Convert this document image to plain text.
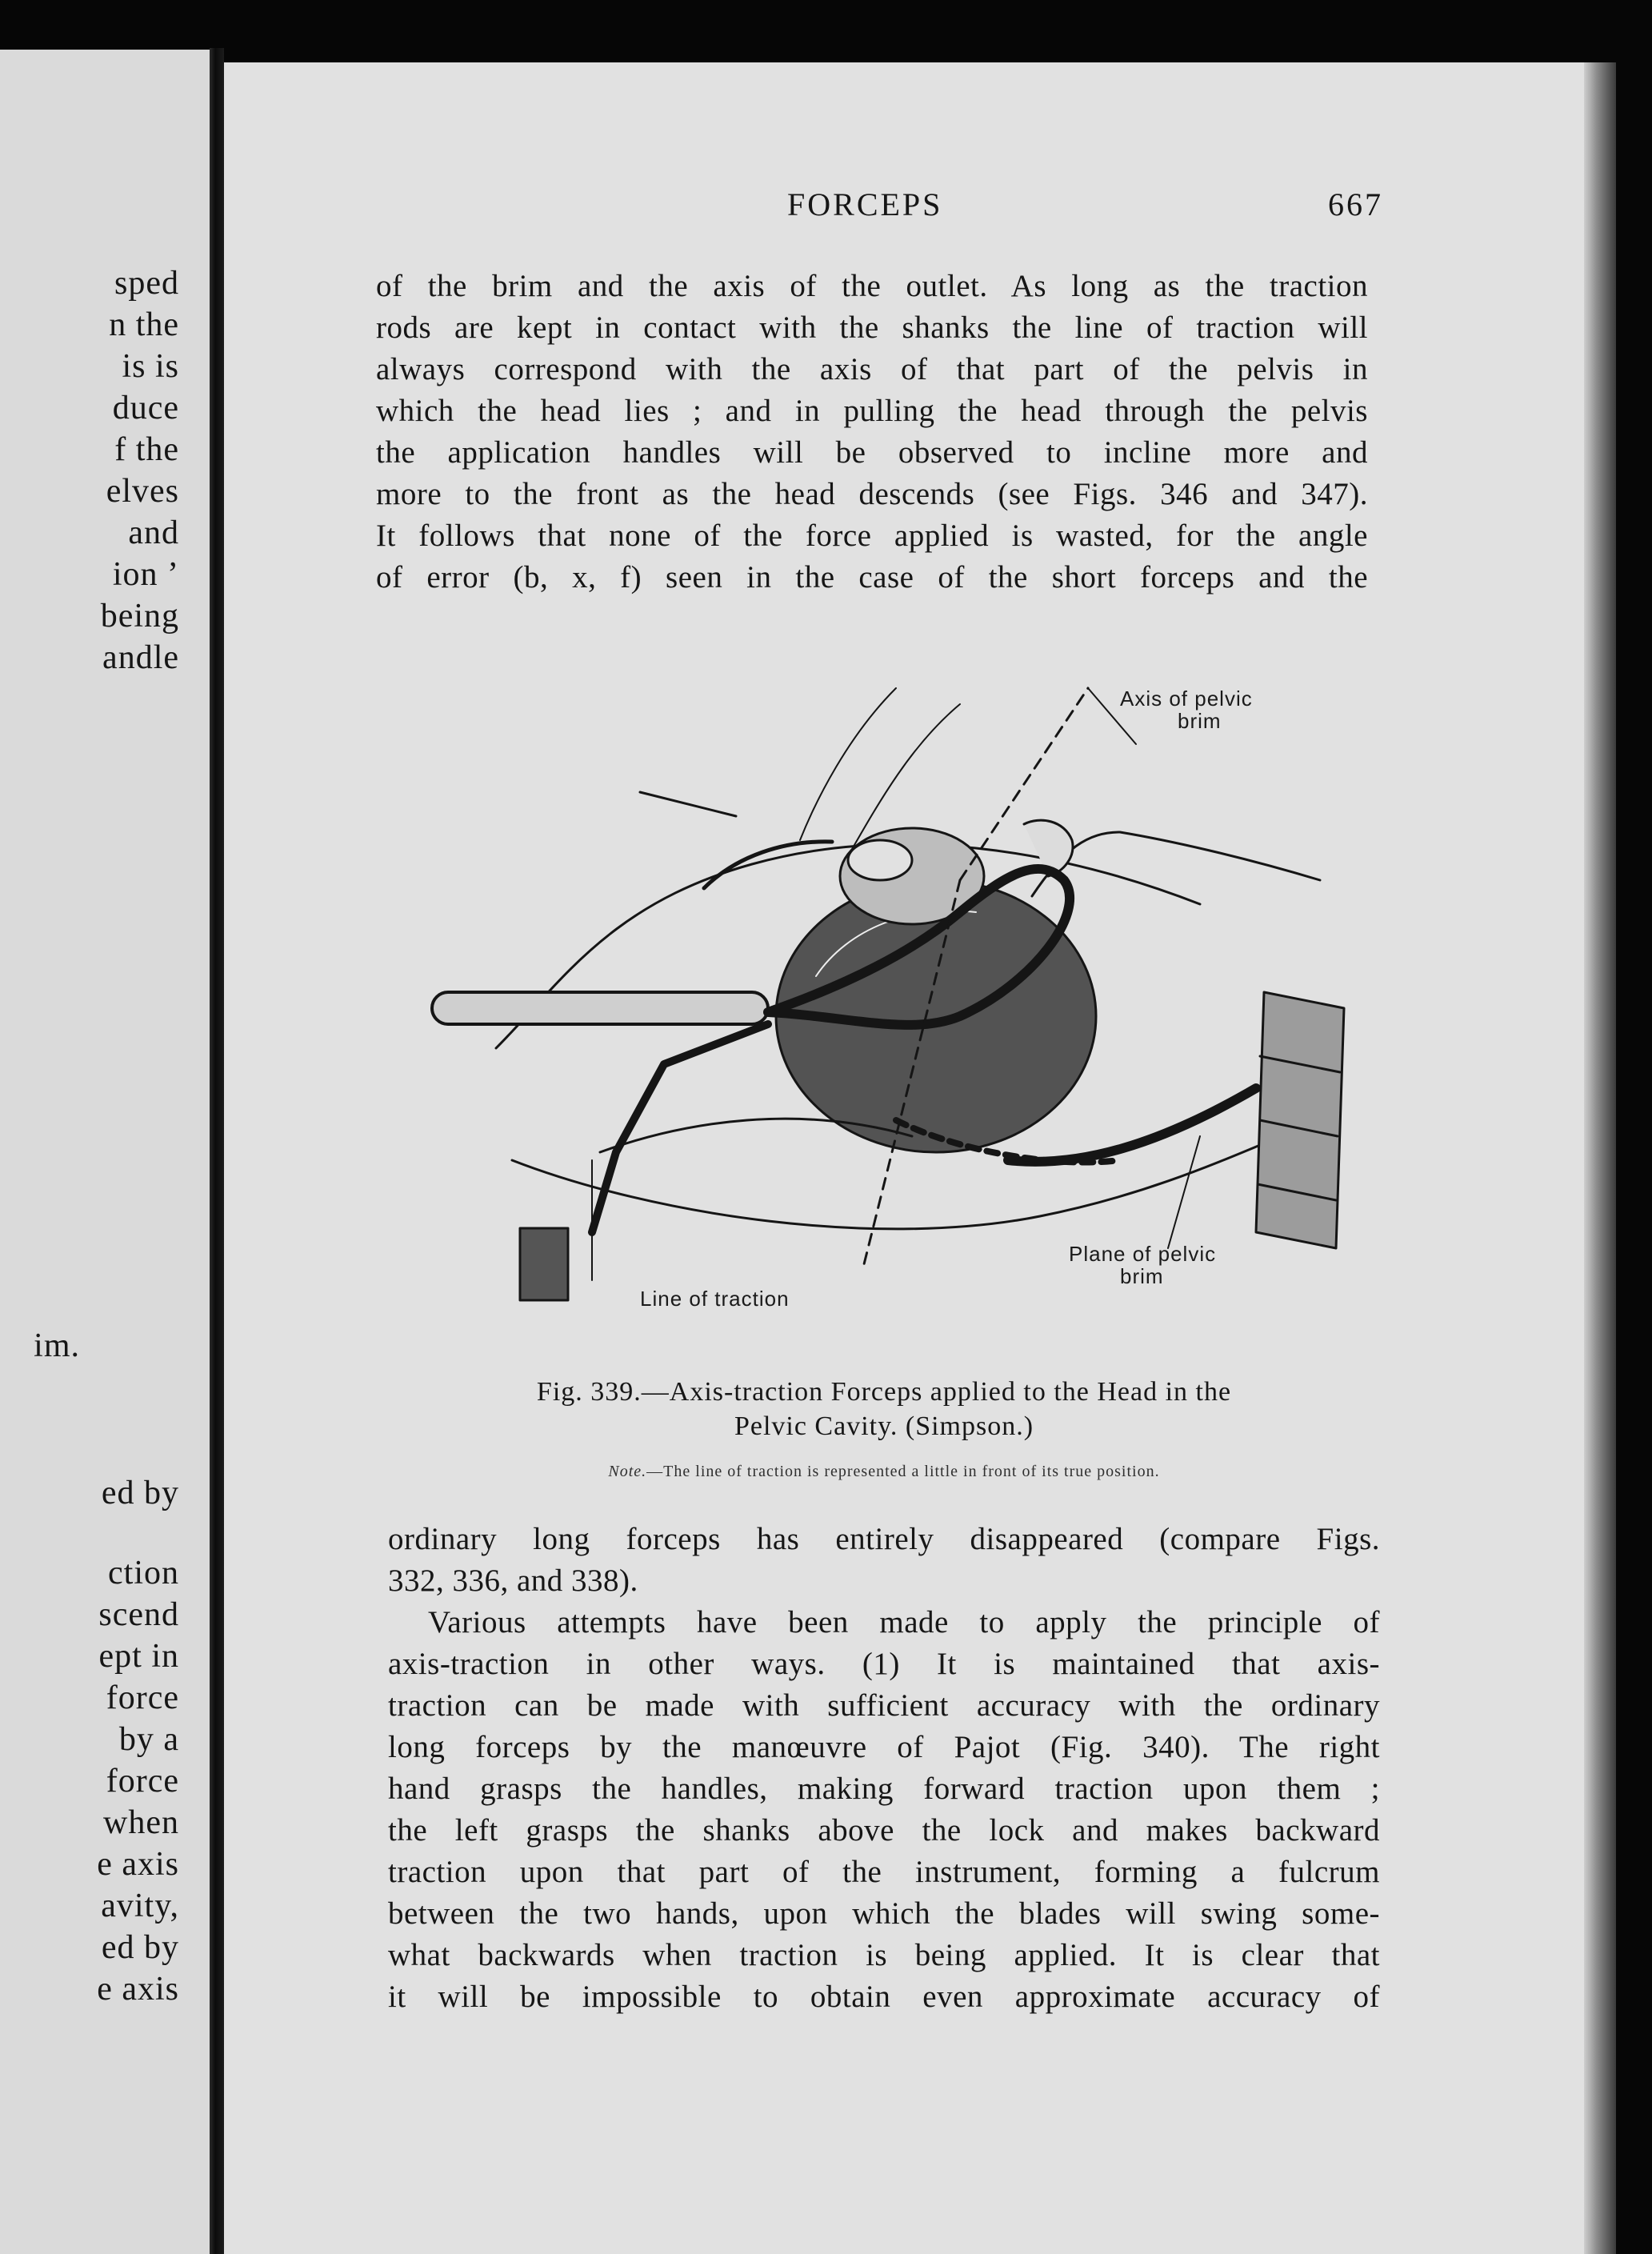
sped
n the
is is
duce
f the
elves
and
ion ’
being
andle
im.
ed by
ction
scend
ept in
force
by a
force
when
e axis
avity,
ed by
e axis
FORCEPS	667
of the brim and the axis of the outlet. As long as the traction
rods are kept in contact with the shanks the line of traction will
always correspond with the axis of that part of the pelvis in
which the head lies ; and in pulling the head through the pelvis
the application handles will be observed to incline more and
more to the front as the head descends (see Figs. 346 and 347).
It follows that none of the force applied is wasted, for the angle
of error (b, x, f) seen in the case of the short forceps and the
Axis of pelvic
brim
Plane of pelvic
brim
Line of traction
Fig. 339.—Axis-traction Forceps applied to the Head in the
Pelvic Cavity. (Simpson.)
Note.—The line of traction is represented a little in front of its true position.
ordinary long forceps has entirely disappeared (compare Figs.
332, 336, and 338).
Various attempts have been made to apply the principle of
axis-traction in other ways. (1) It is maintained that axis-
traction can be made with sufficient accuracy with the ordinary
long forceps by the manœuvre of Pajot (Fig. 340). The right
hand grasps the handles, making forward traction upon them ;
the left grasps the shanks above the lock and makes backward
traction upon that part of the instrument, forming a fulcrum
between the two hands, upon which the blades will swing some-
what backwards when traction is being applied. It is clear that
it will be impossible to obtain even approximate accuracy of
